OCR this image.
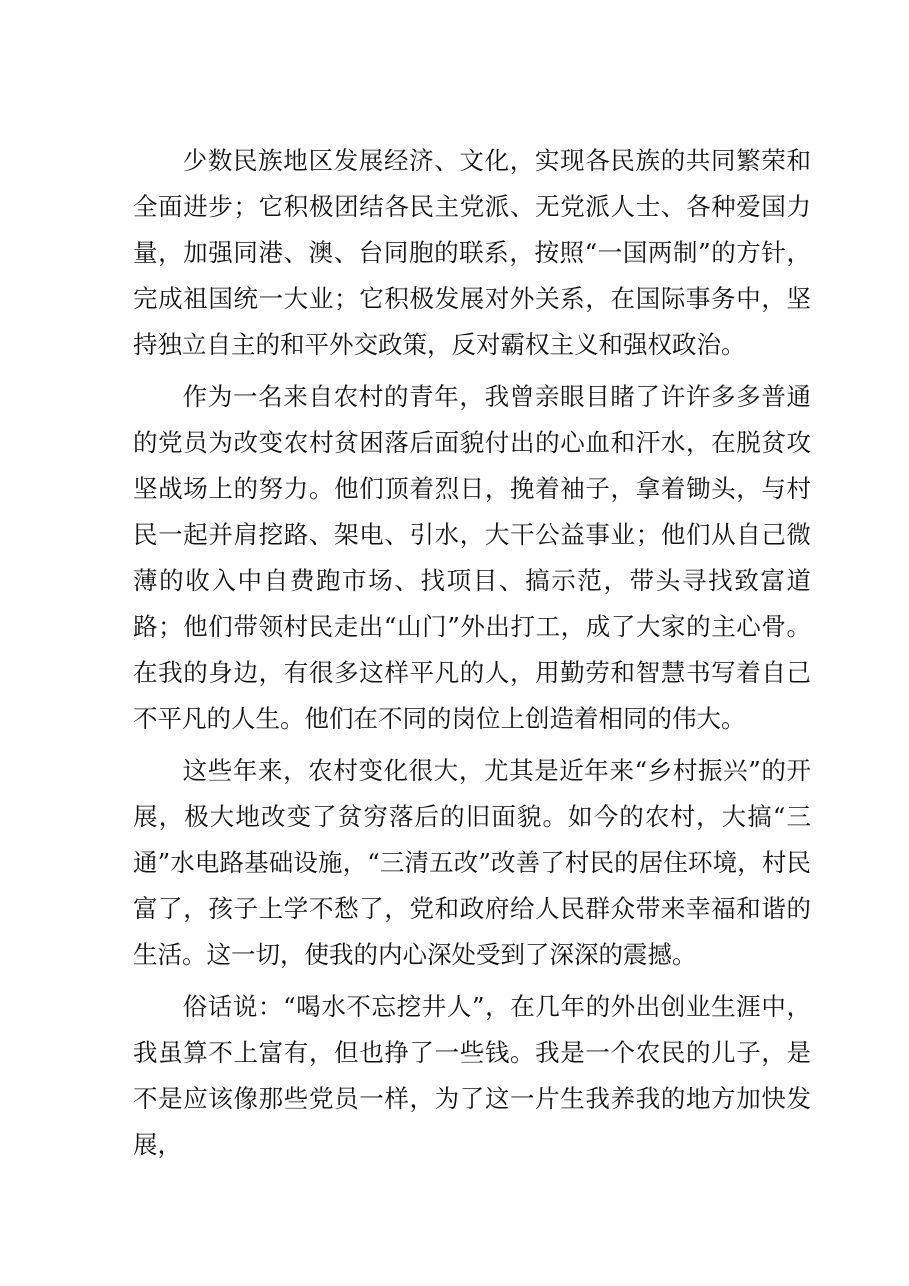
少数民族地区发展经济、文化，实现各民族的共同繁荣和全面进步；它积极团结各民主党派、无党派人士、各种爱国力量，加强同港、澳、台同胞的联系，按照“一国两制”的方针，完成祖国统一大业；它积极发展对外关系，在国际事务中，坚持独立自主的和平外交政策，反对霸权主义和强权政治。

作为一名来自农村的青年，我曾亲眼目睹了许许多多普通的党员为改变农村贫困落后面貌付出的心血和汗水，在脱贫攻坚战场上的努力。他们顶着烈日，挽着袖子，拿着锄头，与村民一起并肩挖路、架电、引水，大干公益事业；他们从自己微薄的收入中自费跑市场、找项目、搞示范，带头寻找致富道路；他们带领村民走出“山门”外出打工，成了大家的主心骨。在我的身边，有很多这样平凡的人，用勤劳和智慧书写着自己不平凡的人生。他们在不同的岗位上创造着相同的伟大。

这些年来，农村变化很大，尤其是近年来“乡村振兴”的开展，极大地改变了贫穷落后的旧面貌。如今的农村，大搞“三通”水电路基础设施，“三清五改”改善了村民的居住环境，村民富了，孩子上学不愁了，党和政府给人民群众带来幸福和谐的生活。这一切，使我的内心深处受到了深深的震撼。

俗话说：“喝水不忘挖井人”，在几年的外出创业生涯中，我虽算不上富有，但也挣了一些钱。我是一个农民的儿子，是不是应该像那些党员一样，为了这一片生我养我的地方加快发展，
